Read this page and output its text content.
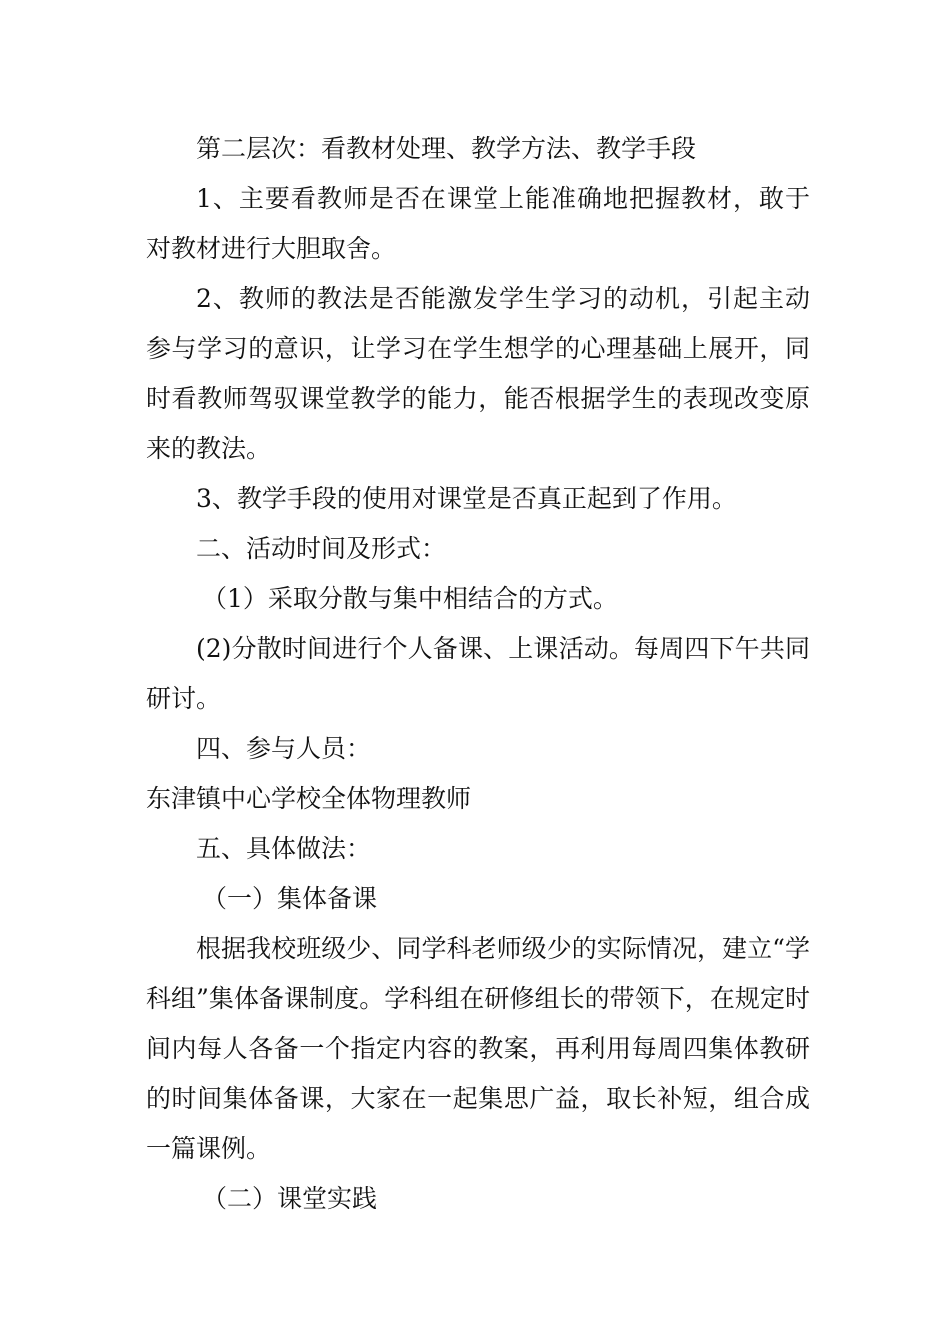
第二层次：看教材处理、教学方法、教学手段

1、主要看教师是否在课堂上能准确地把握教材，敢于对教材进行大胆取舍。

2、教师的教法是否能激发学生学习的动机，引起主动参与学习的意识，让学习在学生想学的心理基础上展开，同时看教师驾驭课堂教学的能力，能否根据学生的表现改变原来的教法。

3、教学手段的使用对课堂是否真正起到了作用。

二、活动时间及形式：

（1）采取分散与集中相结合的方式。

(2)分散时间进行个人备课、上课活动。每周四下午共同研讨。

四、参与人员：

东津镇中心学校全体物理教师

五、具体做法：

（一）集体备课

根据我校班级少、同学科老师级少的实际情况，建立“学科组”集体备课制度。学科组在研修组长的带领下，在规定时间内每人各备一个指定内容的教案，再利用每周四集体教研的时间集体备课，大家在一起集思广益，取长补短，组合成一篇课例。

（二）课堂实践
